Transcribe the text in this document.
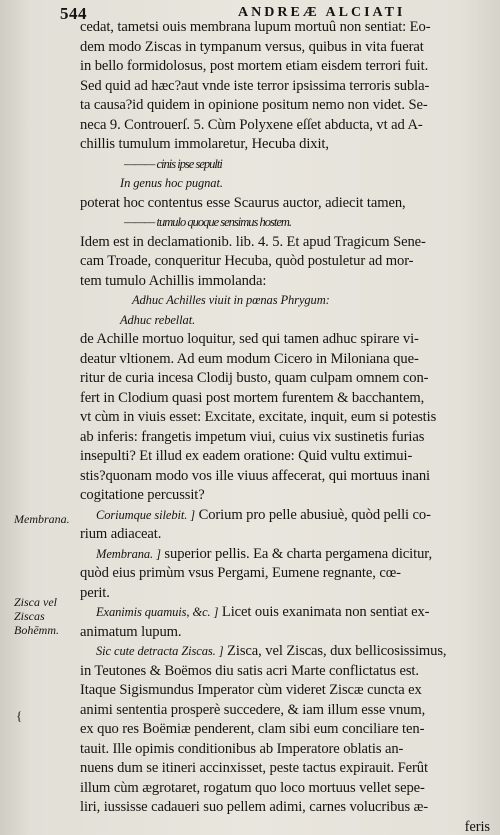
544	ANDREÆ ALCIATI
cedat, tametsi ouis membrana lupum mortuû non sentiat: Eo-
dem modo Ziscas in tympanum versus, quibus in vita fuerat
in bello formidolosus, post mortem etiam eisdem terrori fuit.
Sed quid ad hæc?aut vnde iste terror ipsissima terroris subla-
ta causa?id quidem in opinione positum nemo non videt. Se-
neca 9. Controuerſ. 5. Cùm Polyxene eſſet abducta, vt ad A-
chillis tumulum immolaretur, Hecuba dixit,
——— cinis ipse sepulti
In genus hoc pugnat.
poterat hoc contentus esse Scaurus auctor, adiecit tamen,
——— tumulo quoque sensimus hostem.
Idem est in declamationib. lib. 4. 5. Et apud Tragicum Sene-
cam Troade, conqueritur Hecuba, quòd postuletur ad mor-
tem tumulo Achillis immolanda:
Adhuc Achilles viuit in pœnas Phrygum:
Adhuc rebellat.
de Achille mortuo loquitur, sed qui tamen adhuc spirare vi-
deatur vltionem. Ad eum modum Cicero in Miloniana que-
ritur de curia incesa Clodij busto, quam culpam omnem con-
fert in Clodium quasi post mortem furentem & bacchantem,
vt cùm in viuis esset: Excitate, excitate, inquit, eum si potestis
ab inferis: frangetis impetum viui, cuius vix sustinetis furias
insepulti? Et illud ex eadem oratione: Quid vultu extimui-
stis?quonam modo vos ille viuus affecerat, qui mortuus inani
cogitatione percussit?
Coriumque silebit. ] Corium pro pelle abusiuè, quòd pelli co-
rium adiaceat.
Membrana. ] superior pellis. Ea & charta pergamena dicitur,
quòd eius primùm vsus Pergami, Eumene regnante, cœ-
perit.
Exanimis quamuis, &c. ] Licet ouis exanimata non sentiat ex-
animatum lupum.
Sic cute detracta Ziscas. ] Zisca, vel Ziscas, dux bellicosissimus,
in Teutones & Boëmos diu satis acri Marte conflictatus est.
Itaque Sigismundus Imperator cùm videret Ziscæ cuncta ex
animi sententia prosperè succedere, & iam illum esse vnum,
ex quo res Boëmiæ penderent, clam sibi eum conciliare ten-
tauit. Ille opimis conditionibus ab Imperatore oblatis an-
nuens dum se itineri accinxisset, peste tactus expirauit. Ferût
illum cùm ægrotaret, rogatum quo loco mortuus vellet sepe-
liri, iussisse cadaueri suo pellem adimi, carnes volucribus æ-
feris
Membrana.
Zisca vel Ziscas Bohēmm.
{
